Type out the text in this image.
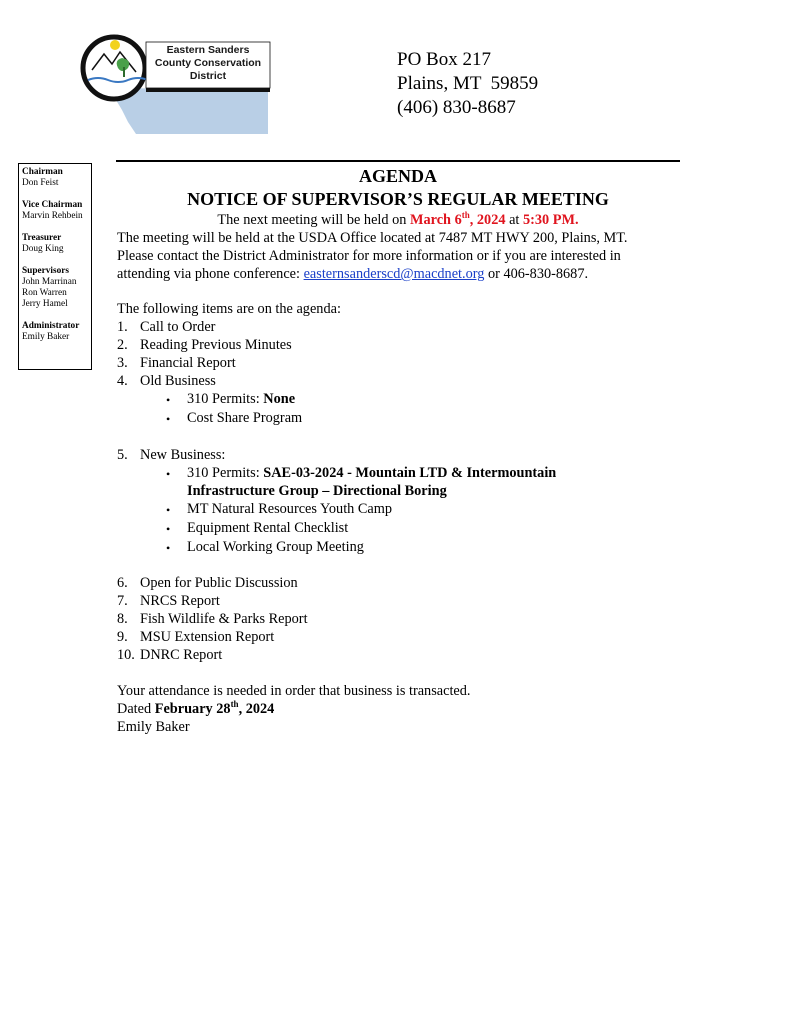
Eastern Sanders
County Conservation
District
PO Box 217
Plains, MT  59859
(406) 830-8687
Chairman
Don Feist
Vice Chairman
Marvin Rehbein
Treasurer
Doug King
Supervisors
John Marrinan
Ron Warren
Jerry Hamel
Administrator
Emily Baker
AGENDA
NOTICE OF SUPERVISOR’S REGULAR MEETING
The next meeting will be held on March 6th, 2024 at 5:30 PM.
The meeting will be held at the USDA Office located at 7487 MT HWY 200, Plains, MT.
Please contact the District Administrator for more information or if you are interested in
attending via phone conference: easternsanderscd@macdnet.org or 406-830-8687.
The following items are on the agenda:
1. Call to Order
2. Reading Previous Minutes
3. Financial Report
4. Old Business
• 310 Permits: None
• Cost Share Program
5. New Business:
• 310 Permits: SAE-03-2024 - Mountain LTD & Intermountain
Infrastructure Group – Directional Boring
• MT Natural Resources Youth Camp
• Equipment Rental Checklist
• Local Working Group Meeting
6. Open for Public Discussion
7. NRCS Report
8. Fish Wildlife & Parks Report
9. MSU Extension Report
10. DNRC Report
Your attendance is needed in order that business is transacted.
Dated February 28th, 2024
Emily Baker
